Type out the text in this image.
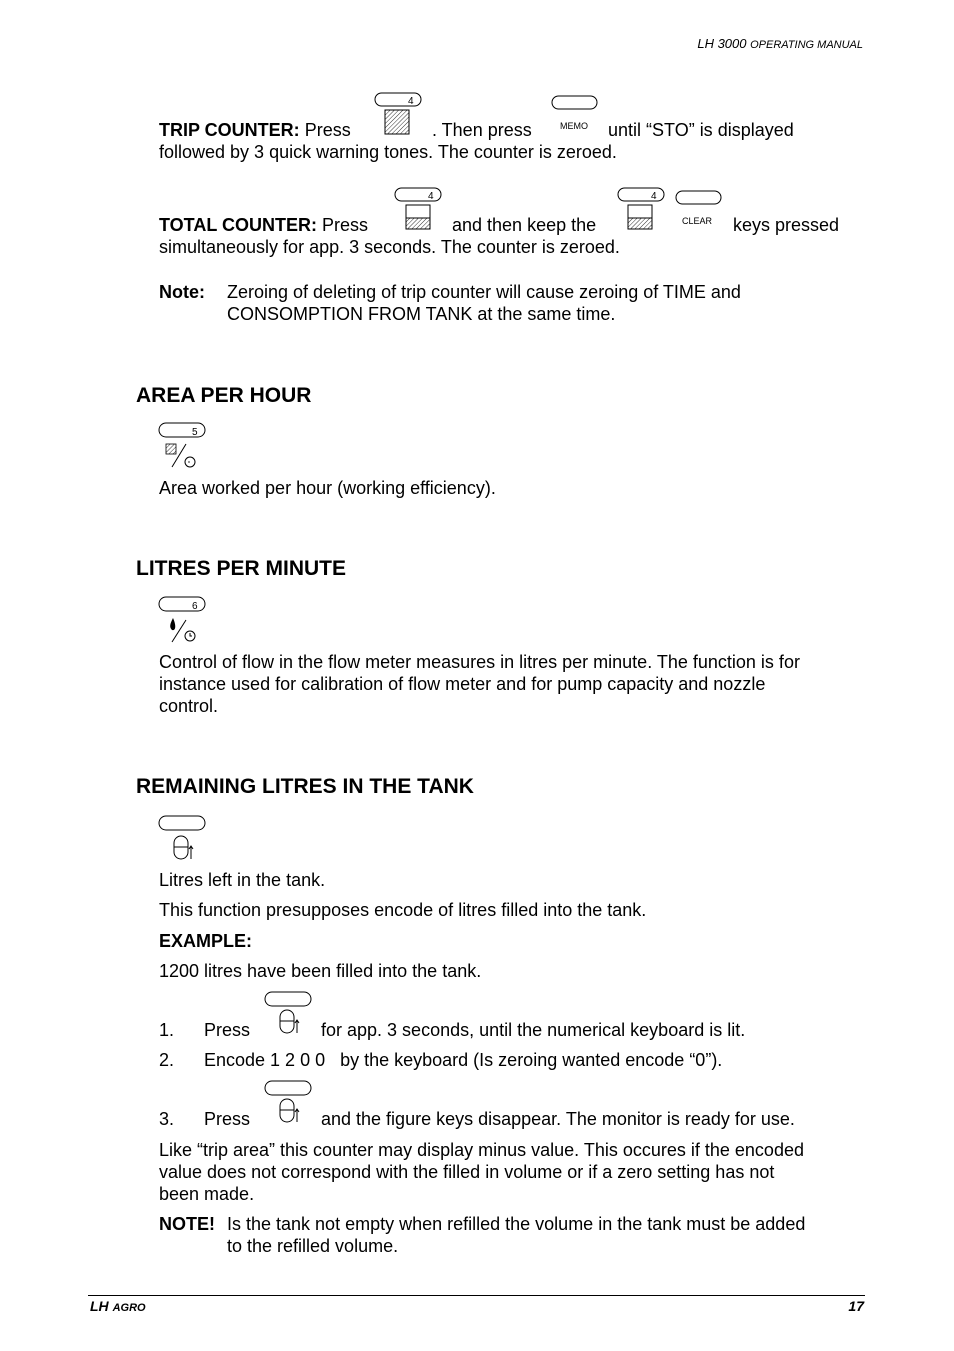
LH 3000 OPERATING MANUAL
4
MEMO
TRIP COUNTER: Press	. Then press	until “STO” is displayed
followed by 3 quick warning tones. The counter is zeroed.
4	4
CLEAR
TOTAL COUNTER: Press	and then keep the	keys pressed
simultaneously for app. 3 seconds. The counter is zeroed.
Note: Zeroing of deleting of trip counter will cause zeroing of TIME and
CONSOMPTION FROM TANK at the same time.
AREA PER HOUR
5
Area worked per hour (working efficiency).
LITRES PER MINUTE
6
Control of flow in the flow meter measures in litres per minute. The function is for
instance used for calibration of flow meter and for pump capacity and nozzle
control.
REMAINING LITRES IN THE TANK
Litres left in the tank.
This function presupposes encode of litres filled into the tank.
EXAMPLE:
1200 litres have been filled into the tank.
1. Press	for app. 3 seconds, until the numerical keyboard is lit.
2. Encode 1 2 0 0   by the keyboard (Is zeroing wanted encode “0”).
3. Press	and the figure keys disappear. The monitor is ready for use.
Like “trip area” this counter may display minus value. This occures if the encoded
value does not correspond with the filled in volume or if a zero setting has not
been made.
NOTE! Is the tank not empty when refilled the volume in the tank must be added
to the refilled volume.
LH AGRO	17
